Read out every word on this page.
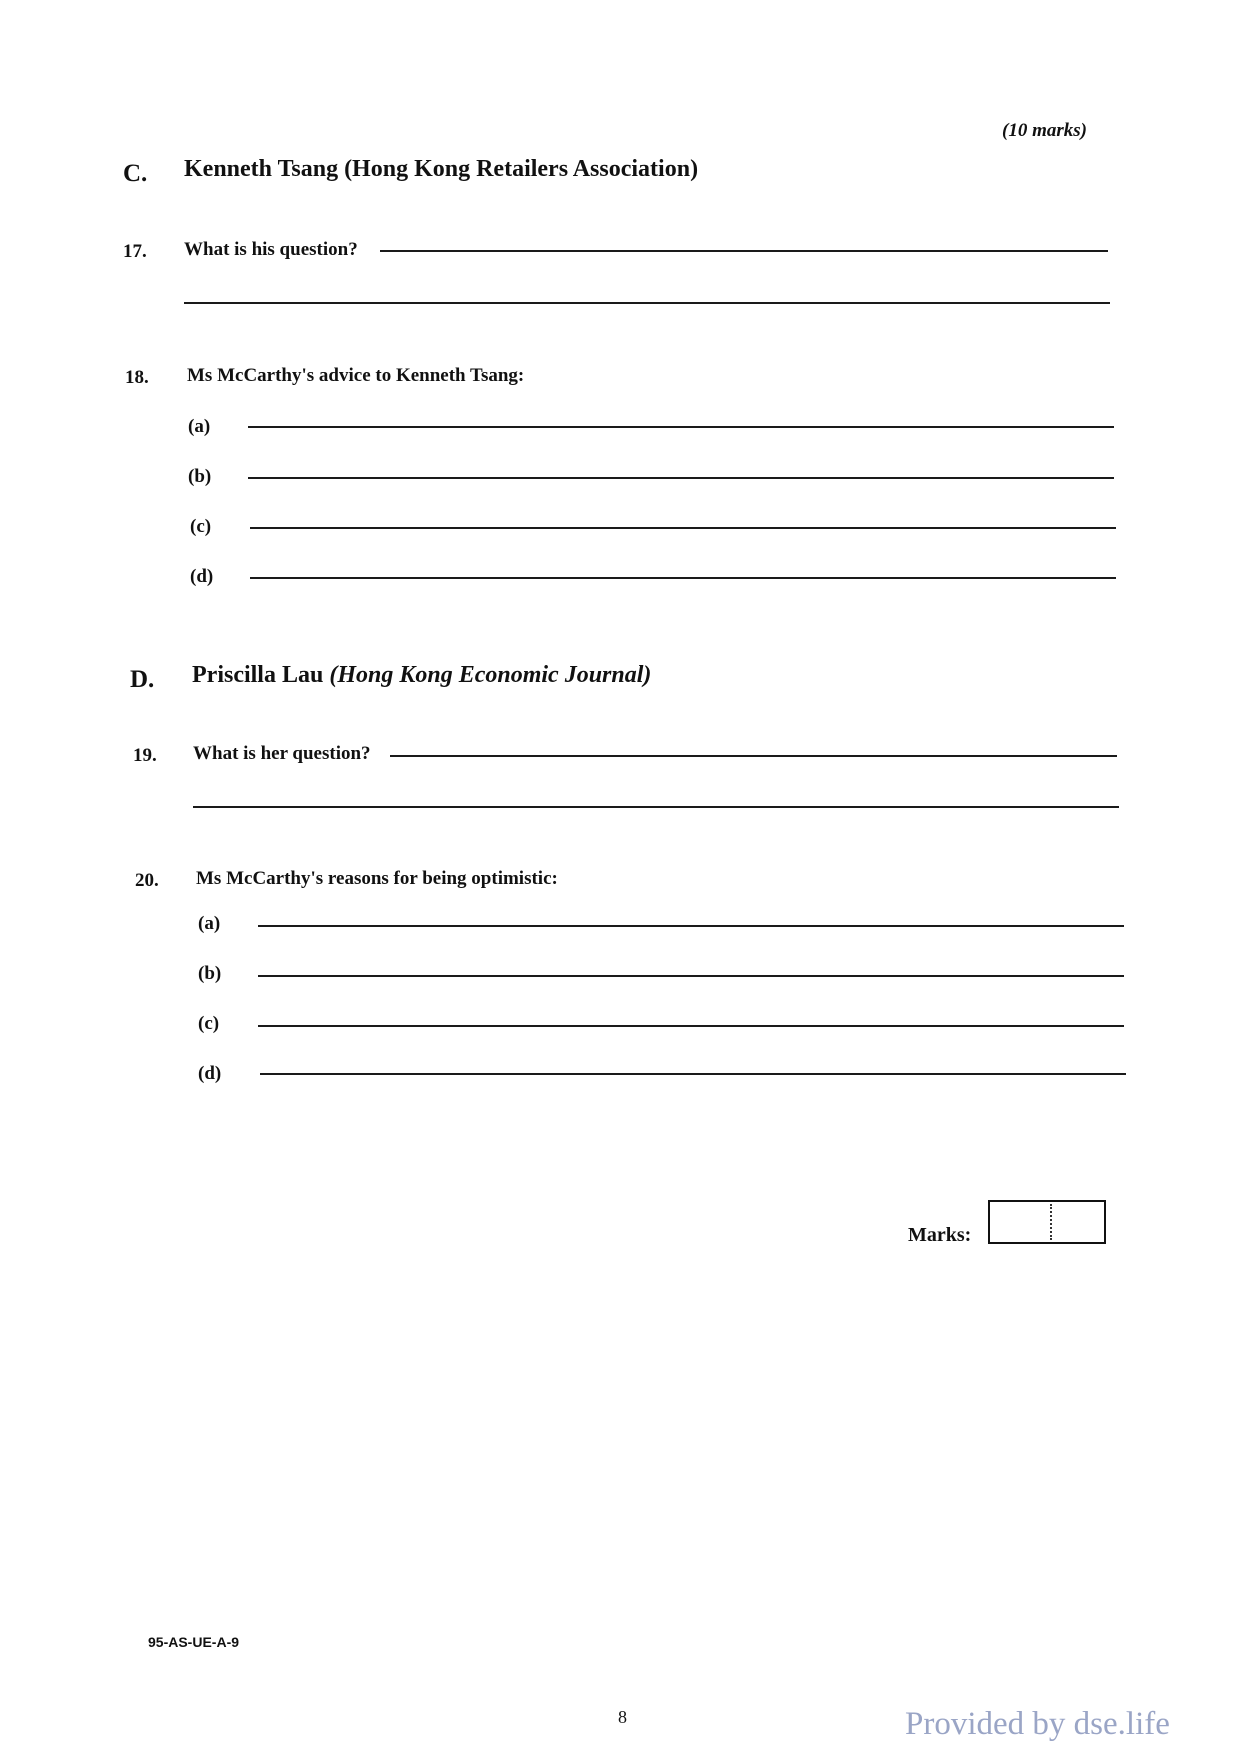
(10 marks)
C. Kenneth Tsang (Hong Kong Retailers Association)
17. What is his question?
18. Ms McCarthy's advice to Kenneth Tsang:
(a)
(b)
(c)
(d)
D. Priscilla Lau (Hong Kong Economic Journal)
19. What is her question?
20. Ms McCarthy's reasons for being optimistic:
(a)
(b)
(c)
(d)
Marks:
95-AS-UE-A-9
8	Provided by dse.life
